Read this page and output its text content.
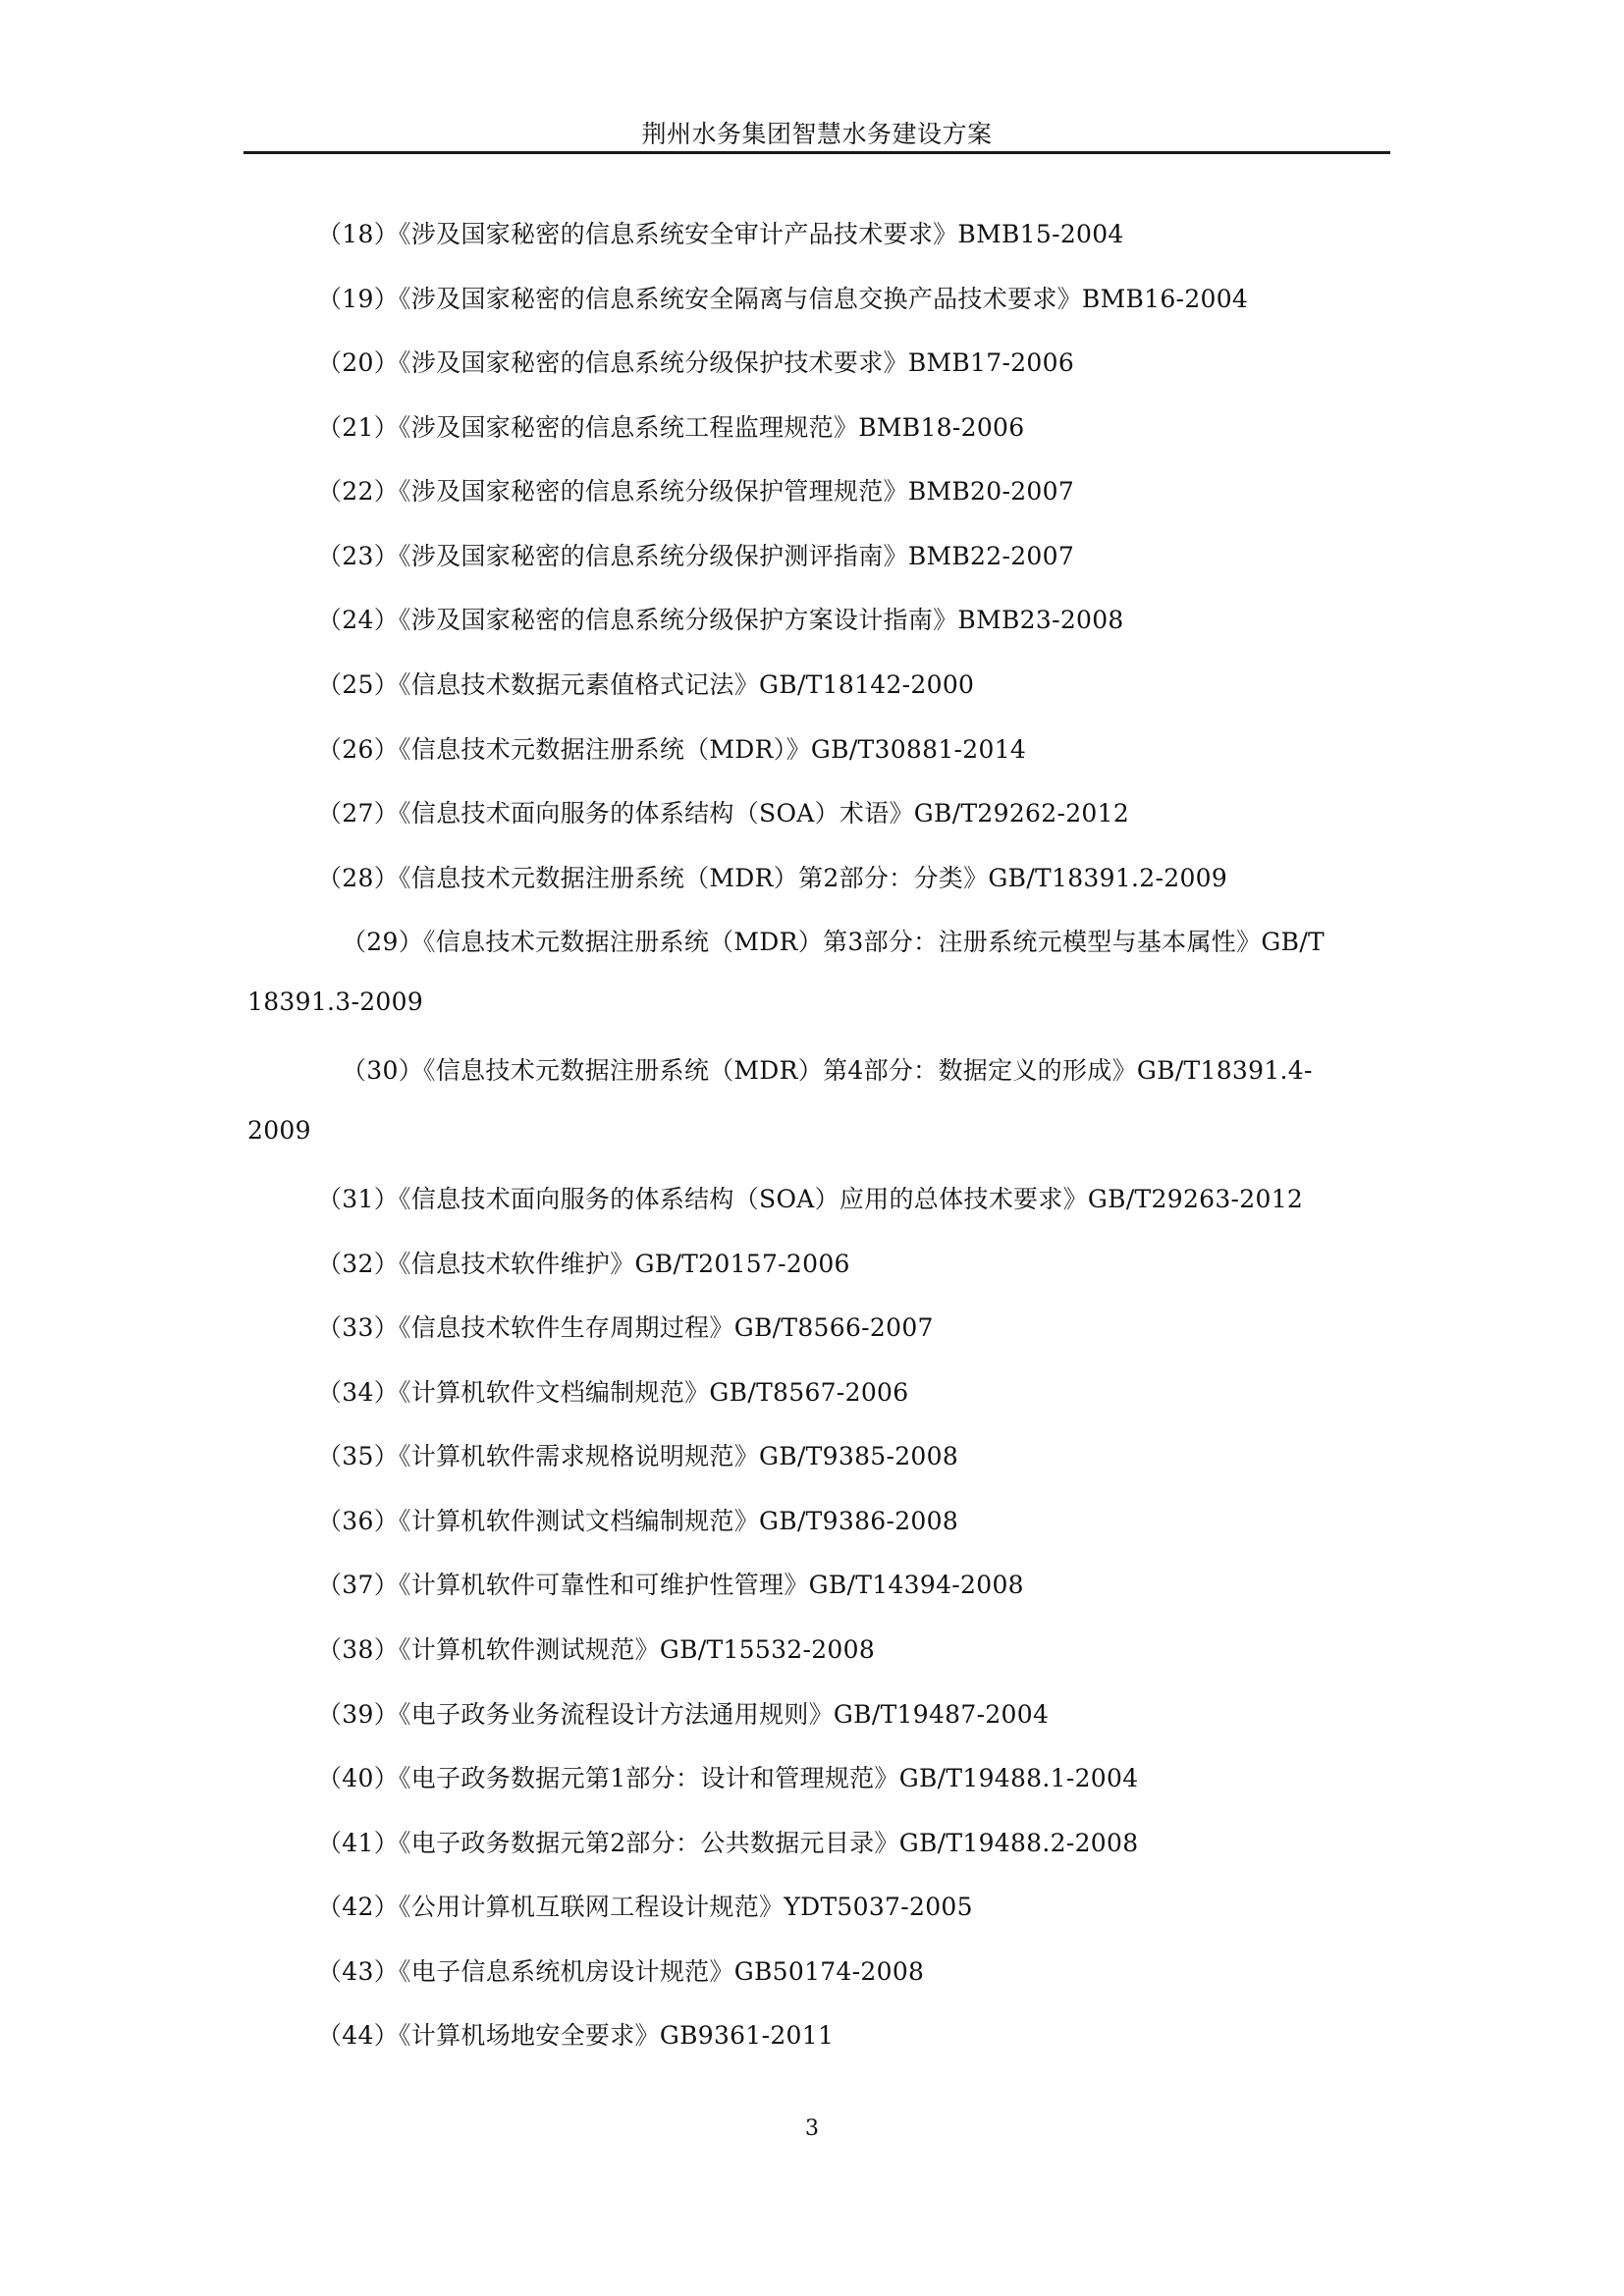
荆州水务集团智慧水务建设方案
（18）《涉及国家秘密的信息系统安全审计产品技术要求》BMB15-2004
（19）《涉及国家秘密的信息系统安全隔离与信息交换产品技术要求》BMB16-2004
（20）《涉及国家秘密的信息系统分级保护技术要求》BMB17-2006
（21）《涉及国家秘密的信息系统工程监理规范》BMB18-2006
（22）《涉及国家秘密的信息系统分级保护管理规范》BMB20-2007
（23）《涉及国家秘密的信息系统分级保护测评指南》BMB22-2007
（24）《涉及国家秘密的信息系统分级保护方案设计指南》BMB23-2008
（25）《信息技术数据元素值格式记法》GB/T18142-2000
（26）《信息技术元数据注册系统（MDR）》GB/T30881-2014
（27）《信息技术面向服务的体系结构（SOA）术语》GB/T29262-2012
（28）《信息技术元数据注册系统（MDR）第2部分：分类》GB/T18391.2-2009
（29）《信息技术元数据注册系统（MDR）第3部分：注册系统元模型与基本属性》GB/T
18391.3-2009
（30）《信息技术元数据注册系统（MDR）第4部分：数据定义的形成》GB/T18391.4-
2009
（31）《信息技术面向服务的体系结构（SOA）应用的总体技术要求》GB/T29263-2012
（32）《信息技术软件维护》GB/T20157-2006
（33）《信息技术软件生存周期过程》GB/T8566-2007
（34）《计算机软件文档编制规范》GB/T8567-2006
（35）《计算机软件需求规格说明规范》GB/T9385-2008
（36）《计算机软件测试文档编制规范》GB/T9386-2008
（37）《计算机软件可靠性和可维护性管理》GB/T14394-2008
（38）《计算机软件测试规范》GB/T15532-2008
（39）《电子政务业务流程设计方法通用规则》GB/T19487-2004
（40）《电子政务数据元第1部分：设计和管理规范》GB/T19488.1-2004
（41）《电子政务数据元第2部分：公共数据元目录》GB/T19488.2-2008
（42）《公用计算机互联网工程设计规范》YDT5037-2005
（43）《电子信息系统机房设计规范》GB50174-2008
（44）《计算机场地安全要求》GB9361-2011
3
